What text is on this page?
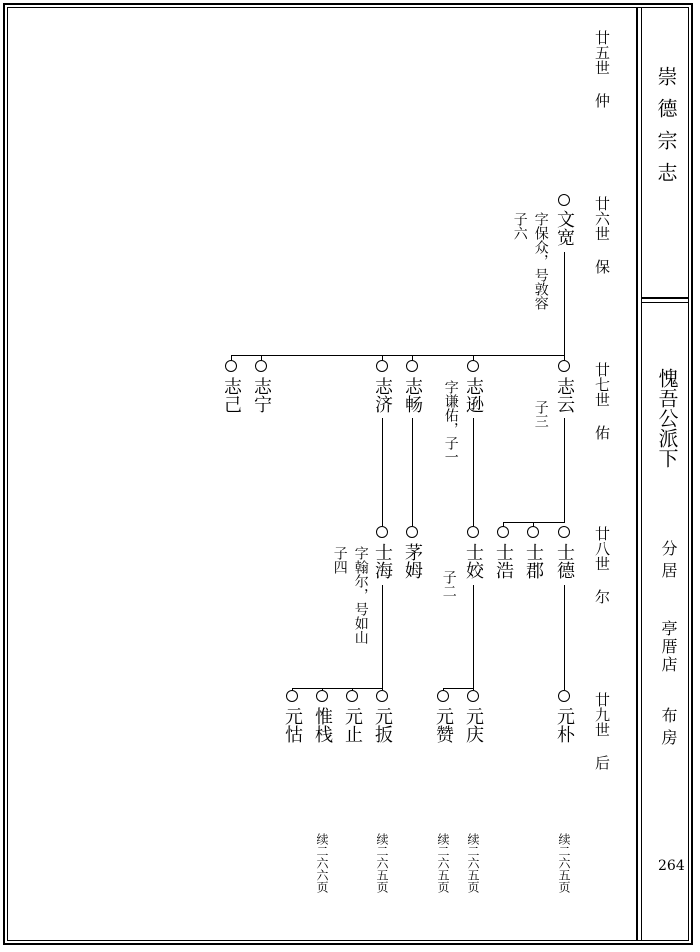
崇德宗志
愧吾公派下
分居
亭厝店
布房
264
廿五世 仲
廿六世 保
廿七世 佑
廿八世 尔
廿九世 后
文宽
字保众，号敦容
子六
志云
子三
志逊
字谦佑，子一
志畅
志济
志宁
志己
士德
士郡
士浩
士姣
子二
茅姆
士海
字翰尔，号如山
子四
元朴
元庆
元赞
元扳
元止
惟栈
元怙
续二六五页
续二六五页
续二六五页
续二六五页
续二六六页
